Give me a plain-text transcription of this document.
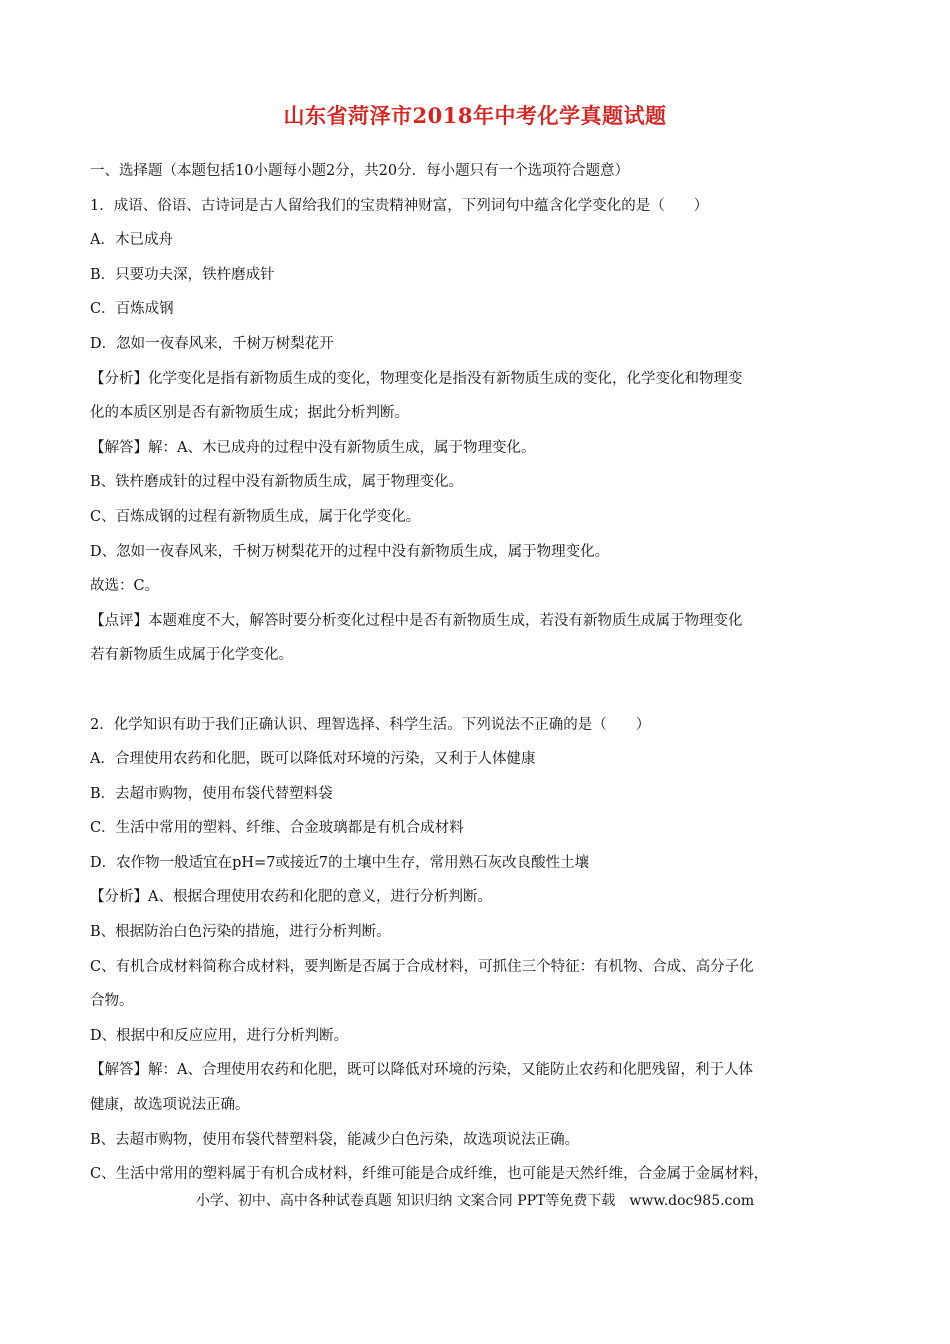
山东省菏泽市2018年中考化学真题试题
一、选择题（本题包括10小题每小题2分，共20分．每小题只有一个选项符合题意）
1．成语、俗语、古诗词是古人留给我们的宝贵精神财富，下列词句中蕴含化学变化的是（　　）
A．木已成舟
B．只要功夫深，铁杵磨成针
C．百炼成钢
D．忽如一夜春风来，千树万树梨花开
【分析】化学变化是指有新物质生成的变化，物理变化是指没有新物质生成的变化，化学变化和物理变
化的本质区别是否有新物质生成；据此分析判断。
【解答】解：A、木已成舟的过程中没有新物质生成，属于物理变化。
B、铁杵磨成针的过程中没有新物质生成，属于物理变化。
C、百炼成钢的过程有新物质生成，属于化学变化。
D、忽如一夜春风来，千树万树梨花开的过程中没有新物质生成，属于物理变化。
故选：C。
【点评】本题难度不大，解答时要分析变化过程中是否有新物质生成，若没有新物质生成属于物理变化
若有新物质生成属于化学变化。
2．化学知识有助于我们正确认识、理智选择、科学生活。下列说法不正确的是（　　）
A．合理使用农药和化肥，既可以降低对环境的污染，又利于人体健康
B．去超市购物，使用布袋代替塑料袋
C．生活中常用的塑料、纤维、合金玻璃都是有机合成材料
D．农作物一般适宜在pH=7或接近7的土壤中生存，常用熟石灰改良酸性土壤
【分析】A、根据合理使用农药和化肥的意义，进行分析判断。
B、根据防治白色污染的措施，进行分析判断。
C、有机合成材料简称合成材料，要判断是否属于合成材料，可抓住三个特征：有机物、合成、高分子化
合物。
D、根据中和反应应用，进行分析判断。
【解答】解：A、合理使用农药和化肥，既可以降低对环境的污染，又能防止农药和化肥残留，利于人体
健康，故选项说法正确。
B、去超市购物，使用布袋代替塑料袋，能减少白色污染，故选项说法正确。
C、生活中常用的塑料属于有机合成材料，纤维可能是合成纤维，也可能是天然纤维，合金属于金属材料，
小学、初中、高中各种试卷真题 知识归纳 文案合同 PPT等免费下载　www.doc985.com
